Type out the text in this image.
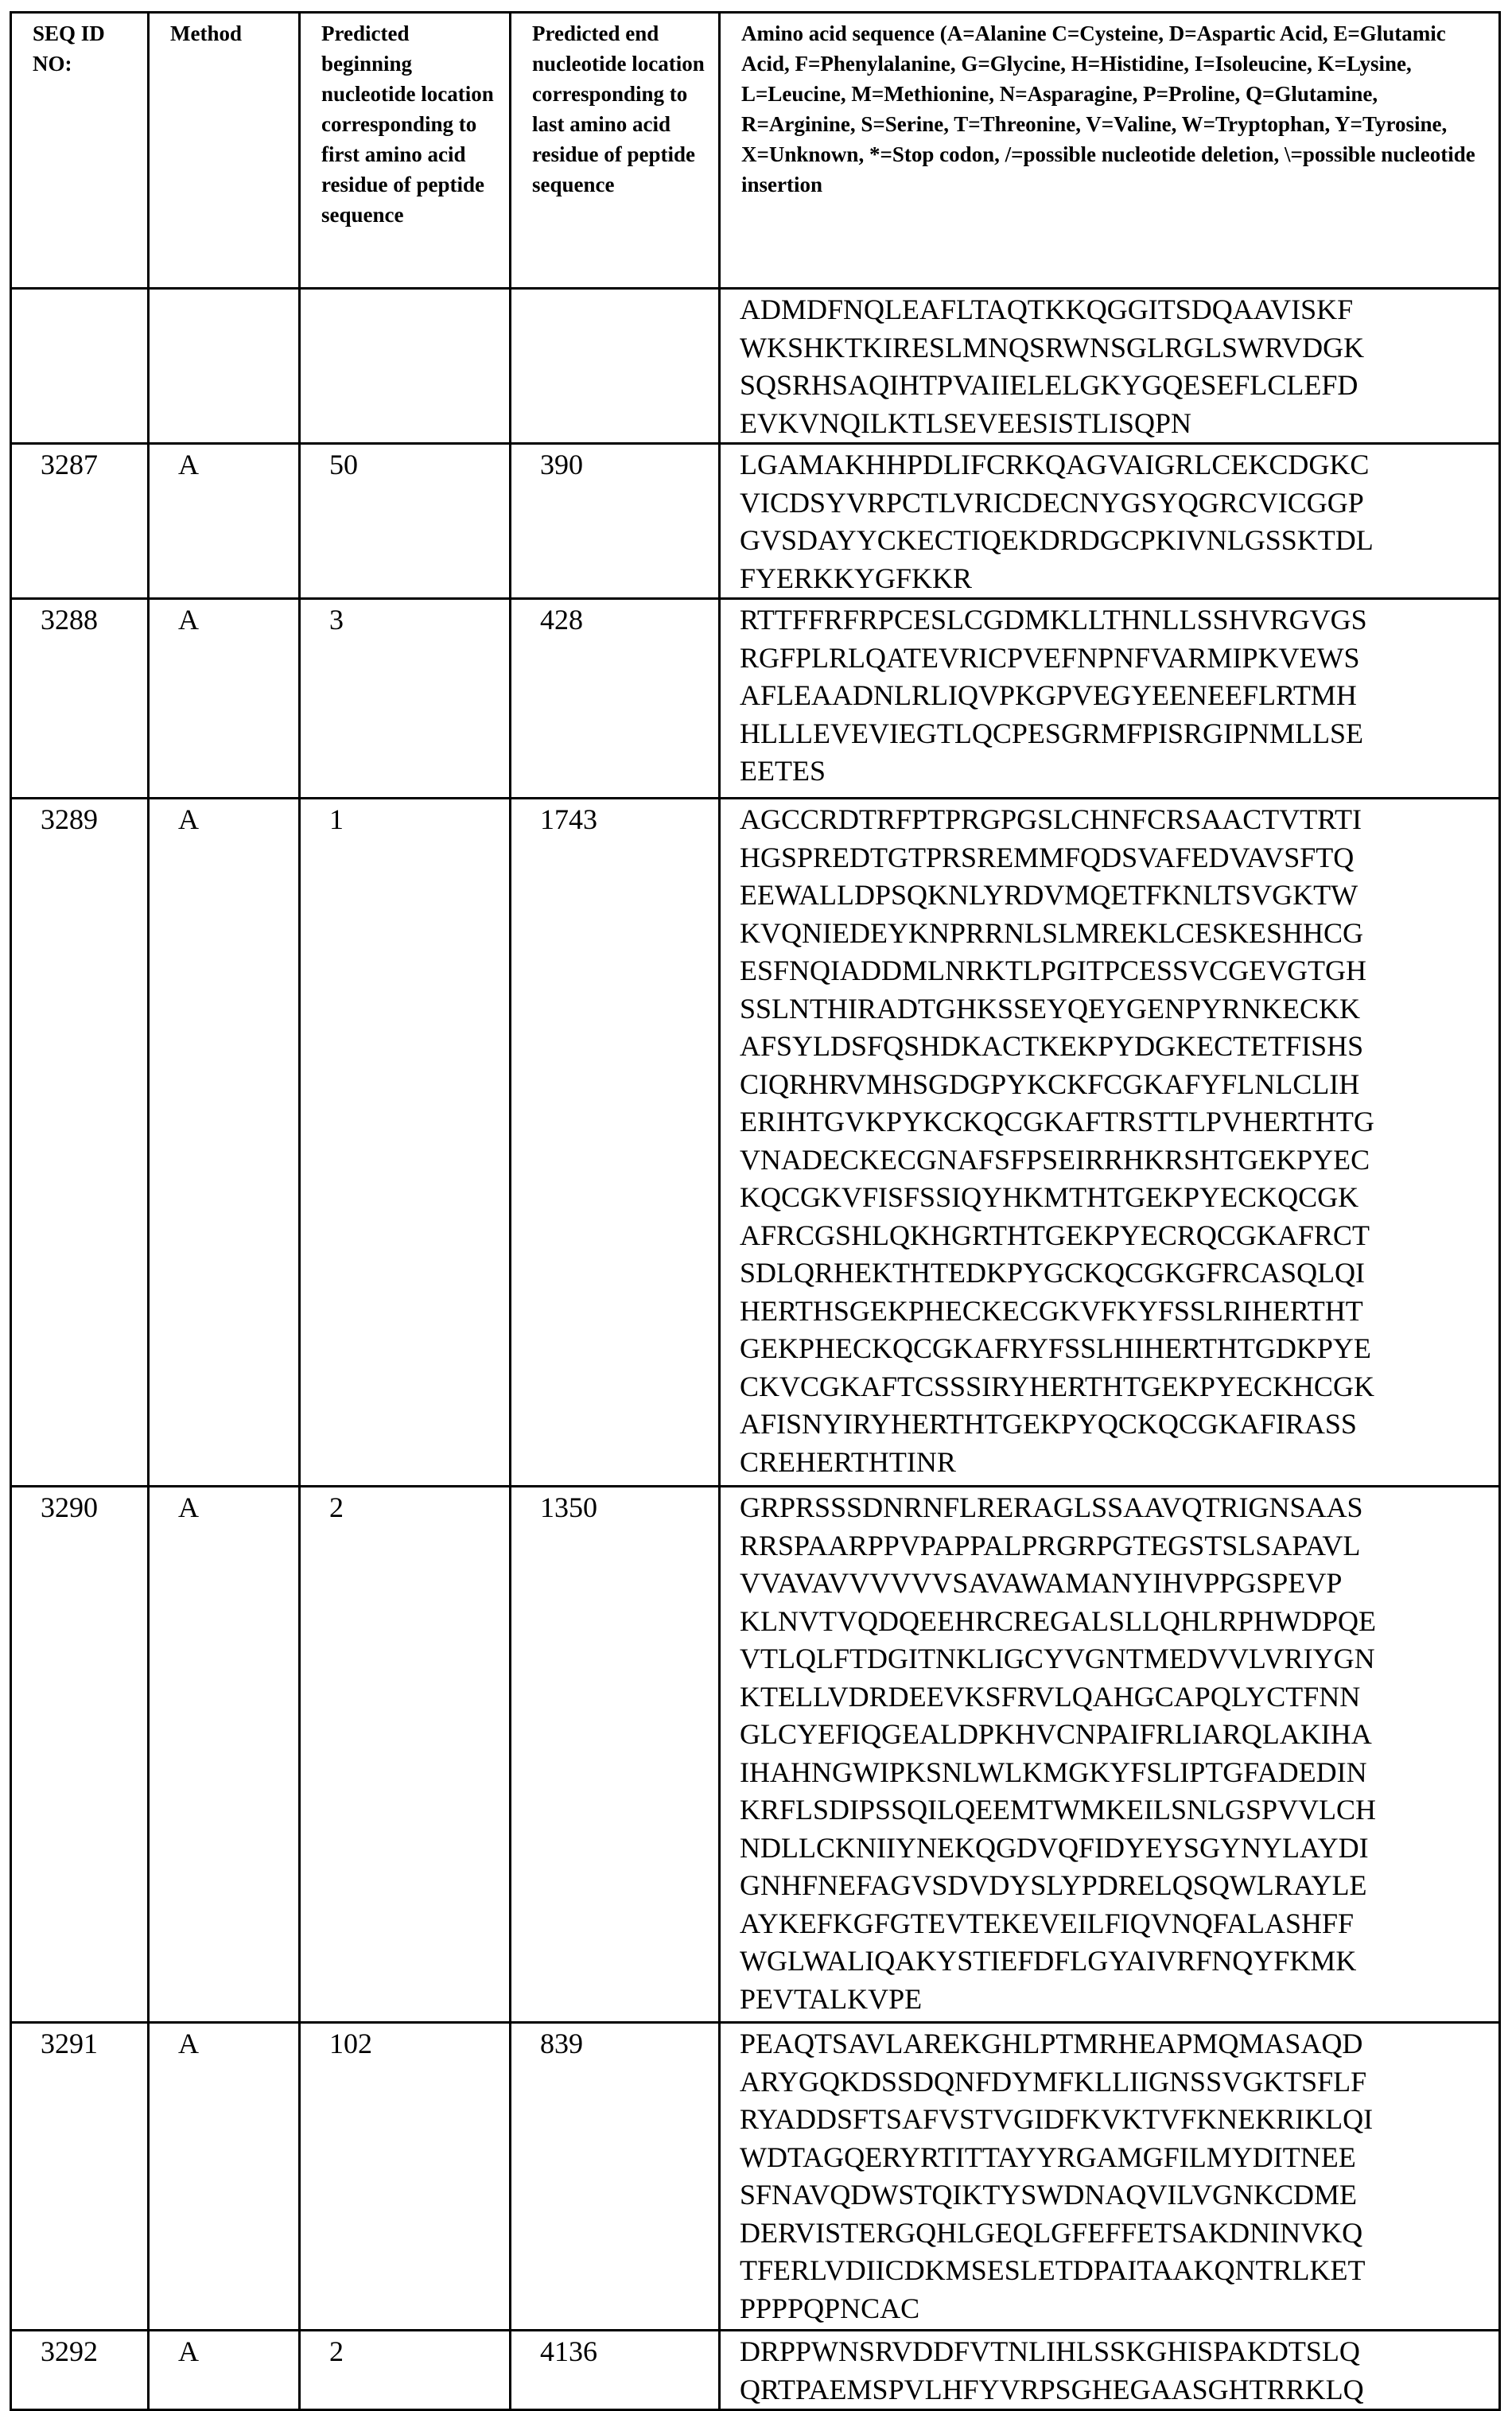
SEQ ID NO:	Method	Predicted beginning nucleotide location corresponding to first amino acid residue of peptide sequence	Predicted end nucleotide location corresponding to last amino acid residue of peptide sequence	Amino acid sequence (A=Alanine C=Cysteine, D=Aspartic Acid, E=Glutamic Acid, F=Phenylalanine, G=Glycine, H=Histidine, I=Isoleucine, K=Lysine, L=Leucine, M=Methionine, N=Asparagine, P=Proline, Q=Glutamine, R=Arginine, S=Serine, T=Threonine, V=Valine, W=Tryptophan, Y=Tyrosine, X=Unknown, *=Stop codon, /=possible nucleotide deletion, \=possible nucleotide insertion

				ADMDFNQLEAFLTAQTKKQGGITSDQAAVISKF
WKSHKTKIRESLMNQSRWNSGLRGLSWRVDGK
SQSRHSAQIHTPVAIIELELGKYGQESEFLCLEFD
EVKVNQILKTLSEVEESISTLISQPN

3287	A	50	390	LGAMAKHHPDLIFCRKQAGVAIGRLCEKCDGKC
VICDSYVRPCTLVRICDECNYGSYQGRCVICGGP
GVSDAYYCKECTIQEKDRDGCPKIVNLGSSKTDL
FYERKKYGFKKR

3288	A	3	428	RTTFFRFRPCESLCGDMKLLTHNLLSSHVRGVGS
RGFPLRLQATEVRICPVEFNPNFVARMIPKVEWS
AFLEAADNLRLIQVPKGPVEGYEENEEFLRTMH
HLLLEVEVIEGTLQCPESGRMFPISRGIPNMLLSE
EETES

3289	A	1	1743	AGCCRDTRFPTPRGPGSLCHNFCRSAACTVTRTI
HGSPREDTGTPRSREMMFQDSVAFEDVAVSFTQ
EEWALLDPSQKNLYRDVMQETFKNLTSVGKTW
KVQNIEDEYKNPRRNLSLMREKLCESKESHHCG
ESFNQIADDMLNRKTLPGITPCESSVCGEVGTGH
SSLNTHIRADTGHKSSEYQEYGENPYRNKECKK
AFSYLDSFQSHDKACTKEKPYDGKECTETFISHS
CIQRHRVMHSGDGPYKCKFCGKAFYFLNLCLIH
ERIHTGVKPYKCKQCGKAFTRSTTLPVHERTHTG
VNADECKECGNAFSFPSEIRRHKRSHTGEKPYEC
KQCGKVFISFSSIQYHKMTHTGEKPYECKQCGK
AFRCGSHLQKHGRTHTGEKPYECRQCGKAFRCT
SDLQRHEKTHTEDKPYGCKQCGKGFRCASQLQI
HERTHSGEKPHECKECGKVFKYFSSLRIHERTHT
GEKPHECKQCGKAFRYFSSLHIHERTHTGDKPYE
CKVCGKAFTCSSSIRYHERTHTGEKPYECKHCGK
AFISNYIRYHERTHTGEKPYQCKQCGKAFIRASS
CREHERTHTINR

3290	A	2	1350	GRPRSSSDNRNFLRERAGLSSAAVQTRIGNSAAS
RRSPAARPPVPAPPALPRGRPGTEGSTSLSAPAVL
VVAVAVVVVVVSAVAWAMANYIHVPPGSPEVP
KLNVTVQDQEEHRCREGALSLLQHLRPHWDPQE
VTLQLFTDGITNKLIGCYVGNTMEDVVLVRIYGN
KTELLVDRDEEVKSFRVLQAHGCAPQLYCTFNN
GLCYEFIQGEALDPKHVCNPAIFRLIARQLAKIHA
IHAHNGWIPKSNLWLKMGKYFSLIPTGFADEDIN
KRFLSDIPSSQILQEEMTWMKEILSNLGSPVVLCH
NDLLCKNIIYNEKQGDVQFIDYEYSGYNYLAYDI
GNHFNEFAGVSDVDYSLYPDRELQSQWLRAYLE
AYKEFKGFGTEVTEKEVEILFIQVNQFALASHFF
WGLWALIQAKYSTIEFDFLGYAIVRFNQYFKMK
PEVTALKVPE

3291	A	102	839	PEAQTSAVLAREKGHLPTMRHEAPMQMASAQD
ARYGQKDSSDQNFDYMFKLLIIGNSSVGKTSFLF
RYADDSFTSAFVSTVGIDFKVKTVFKNEKRIKLQI
WDTAGQERYRTITTAYYRGAMGFILMYDITNEE
SFNAVQDWSTQIKTYSWDNAQVILVGNKCDME
DERVISTERGQHLGEQLGFEFFETSAKDNINVKQ
TFERLVDIICDKMSESLETDPAITAAKQNTRLKET
PPPPQPNCAC

3292	A	2	4136	DRPPWNSRVDDFVTNLIHLSSKGHISPAKDTSLQ
QRTPAEMSPVLHFYVRPSGHEGAASGHTRRKLQ
